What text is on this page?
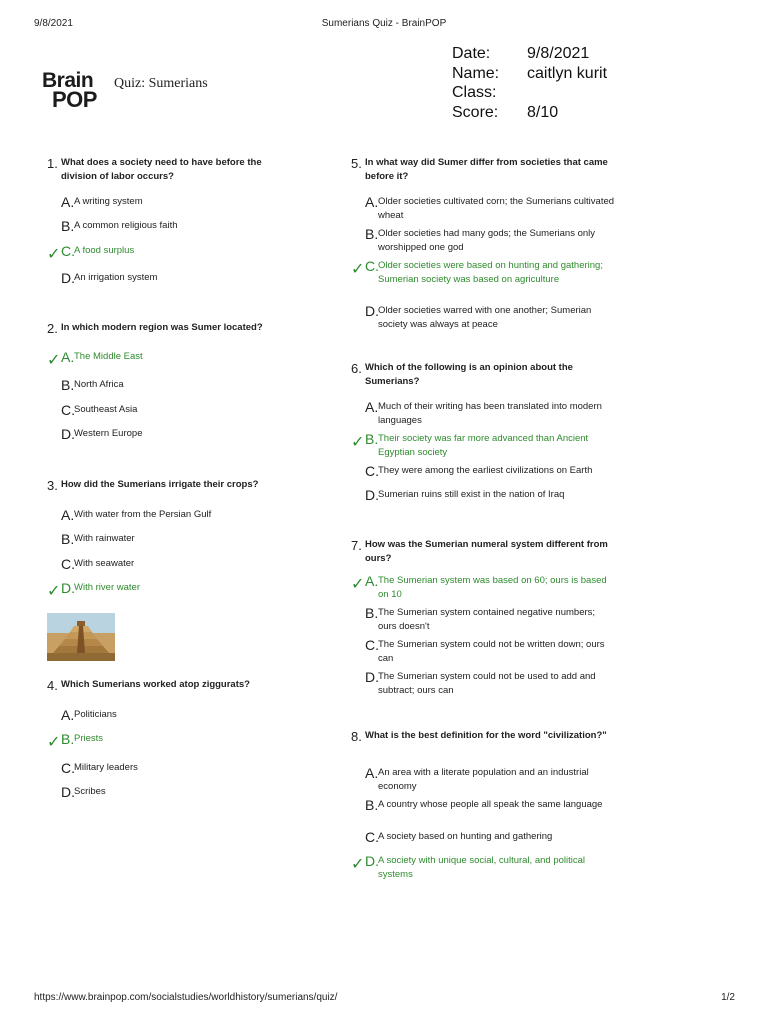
9/8/2021	Sumerians Quiz - BrainPOP
Brain
POP
Quiz: Sumerians
Date: 9/8/2021
Name: caitlyn kurit
Class:
Score: 8/10
1. What does a society need to have before the division of labor occurs?
A. A writing system
B. A common religious faith
✓ C. A food surplus
D. An irrigation system
2. In which modern region was Sumer located?
✓ A. The Middle East
B. North Africa
C. Southeast Asia
D. Western Europe
3. How did the Sumerians irrigate their crops?
A. With water from the Persian Gulf
B. With rainwater
C. With seawater
✓ D. With river water
4. Which Sumerians worked atop ziggurats?
A. Politicians
✓ B. Priests
C. Military leaders
D. Scribes
5. In what way did Sumer differ from societies that came before it?
A. Older societies cultivated corn; the Sumerians cultivated wheat
B. Older societies had many gods; the Sumerians only worshipped one god
✓ C. Older societies were based on hunting and gathering; Sumerian society was based on agriculture
D. Older societies warred with one another; Sumerian society was always at peace
6. Which of the following is an opinion about the Sumerians?
A. Much of their writing has been translated into modern languages
✓ B. Their society was far more advanced than Ancient Egyptian society
C. They were among the earliest civilizations on Earth
D. Sumerian ruins still exist in the nation of Iraq
7. How was the Sumerian numeral system different from ours?
✓ A. The Sumerian system was based on 60; ours is based on 10
B. The Sumerian system contained negative numbers; ours doesn't
C. The Sumerian system could not be written down; ours can
D. The Sumerian system could not be used to add and subtract; ours can
8. What is the best definition for the word "civilization?"
A. An area with a literate population and an industrial economy
B. A country whose people all speak the same language
C. A society based on hunting and gathering
✓ D. A society with unique social, cultural, and political systems
https://www.brainpop.com/socialstudies/worldhistory/sumerians/quiz/	1/2
